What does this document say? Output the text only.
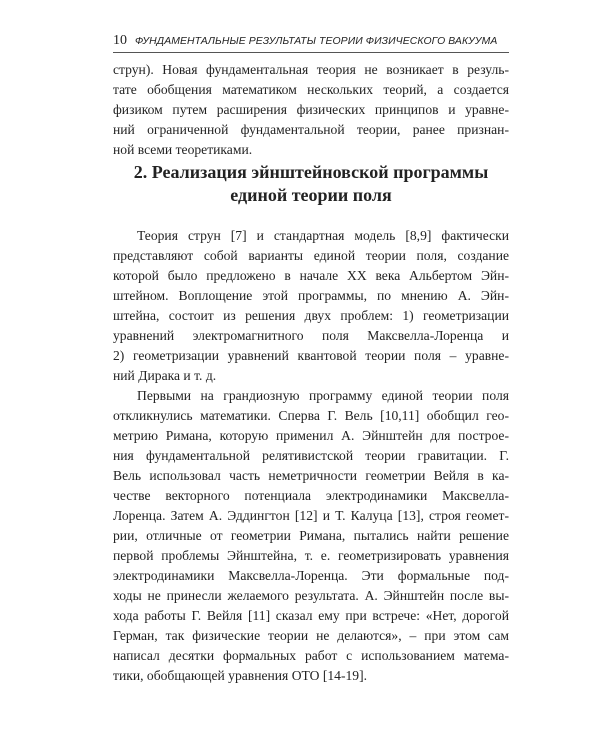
10 ФУНДАМЕНТАЛЬНЫЕ РЕЗУЛЬТАТЫ ТЕОРИИ ФИЗИЧЕСКОГО ВАКУУМА

струн). Новая фундаментальная теория не возникает в резуль-
тате обобщения математиком нескольких теорий, а создается
физиком путем расширения физических принципов и уравне-
ний ограниченной фундаментальной теории, ранее признан-
ной всеми теоретиками.

2. Реализация эйнштейновской программы
единой теории поля

Теория струн [7] и стандартная модель [8,9] фактически
представляют собой варианты единой теории поля, создание
которой было предложено в начале XX века Альбертом Эйн-
штейном. Воплощение этой программы, по мнению А. Эйн-
штейна, состоит из решения двух проблем: 1) геометризации
уравнений электромагнитного поля Максвелла-Лоренца и
2) геометризации уравнений квантовой теории поля – уравне-
ний Дирака и т. д.

Первыми на грандиозную программу единой теории поля
откликнулись математики. Сперва Г. Вель [10,11] обобщил гео-
метрию Римана, которую применил А. Эйнштейн для построе-
ния фундаментальной релятивистской теории гравитации. Г.
Вель использовал часть неметричности геометрии Вейля в ка-
честве векторного потенциала электродинамики Максвелла-
Лоренца. Затем А. Эддингтон [12] и Т. Калуца [13], строя геомет-
рии, отличные от геометрии Римана, пытались найти решение
первой проблемы Эйнштейна, т. е. геометризировать уравнения
электродинамики Максвелла-Лоренца. Эти формальные под-
ходы не принесли желаемого результата. А. Эйнштейн после вы-
хода работы Г. Вейля [11] сказал ему при встрече: «Нет, дорогой
Герман, так физические теории не делаются», – при этом сам
написал десятки формальных работ с использованием матема-
тики, обобщающей уравнения ОТО [14-19].
